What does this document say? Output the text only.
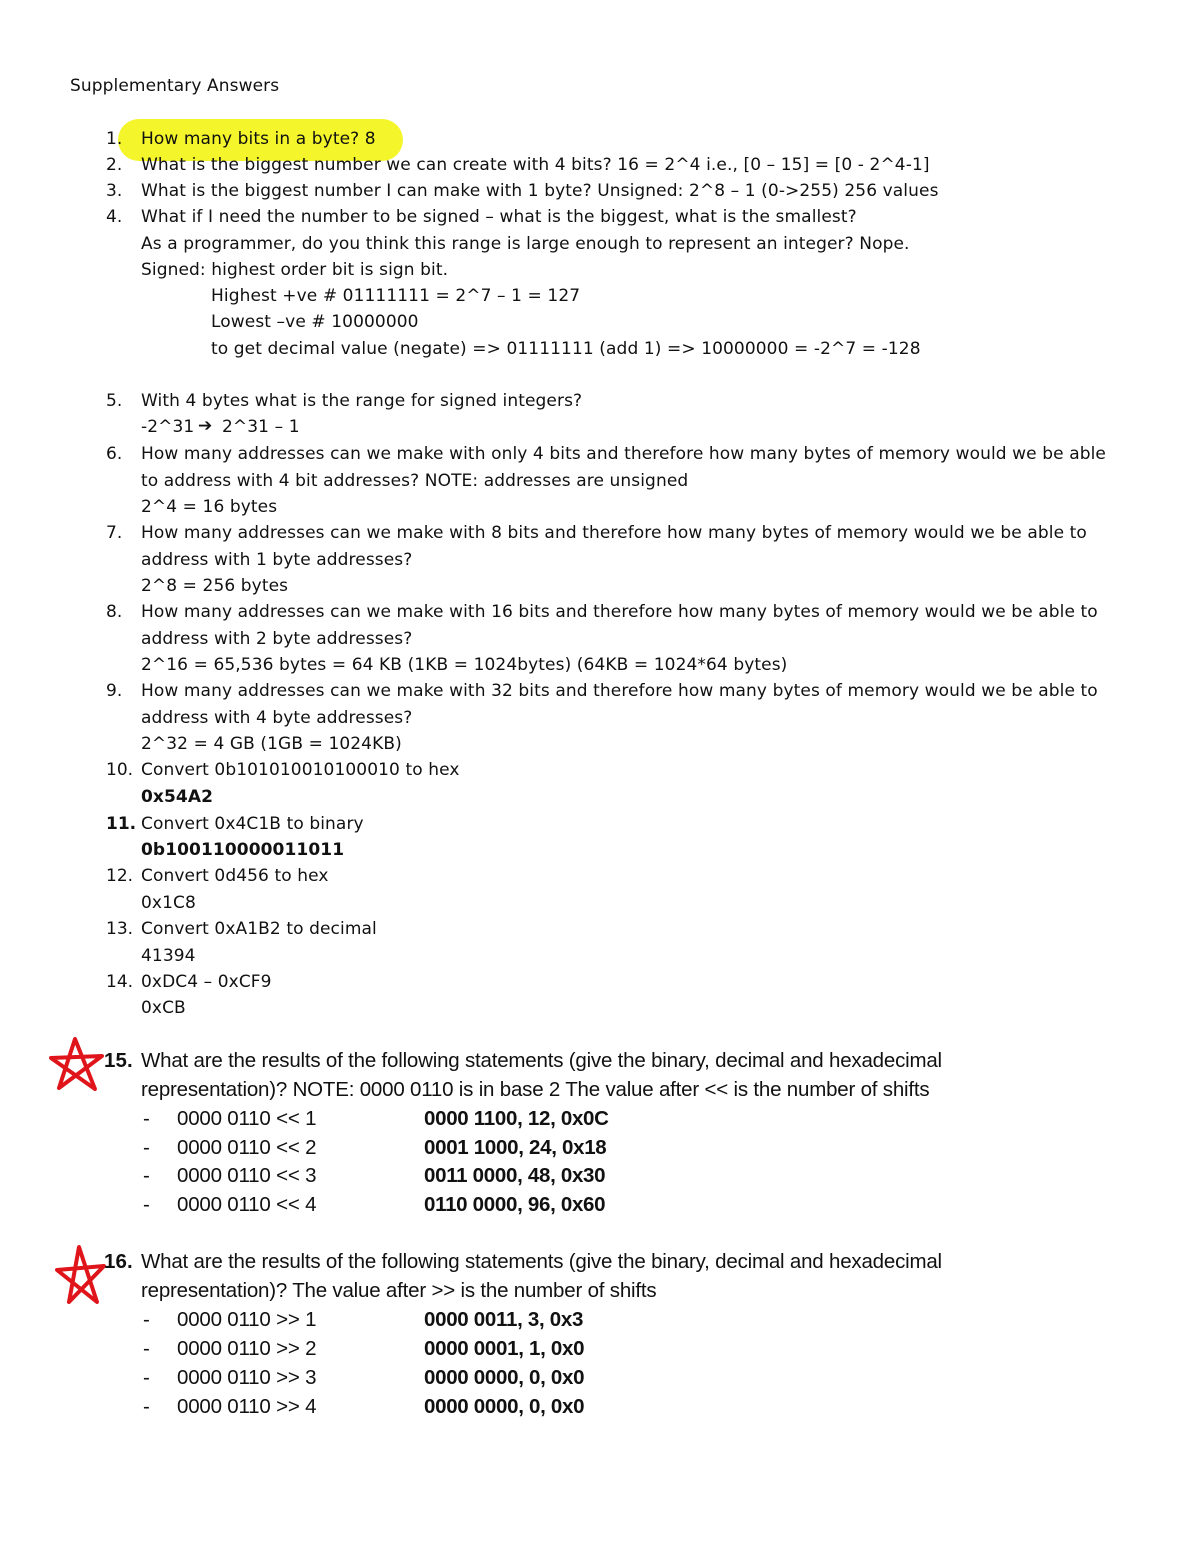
Supplementary Answers
1. How many bits in a byte? 8
2. What is the biggest number we can create with 4 bits? 16 = 2^4 i.e., [0 – 15] = [0 - 2^4-1]
3. What is the biggest number I can make with 1 byte? Unsigned: 2^8 – 1 (0->255) 256 values
4. What if I need the number to be signed – what is the biggest, what is the smallest?
As a programmer, do you think this range is large enough to represent an integer? Nope.
Signed: highest order bit is sign bit.
Highest +ve # 01111111 = 2^7 – 1 = 127
Lowest –ve # 10000000
to get decimal value (negate) => 01111111 (add 1) => 10000000 = -2^7 = -128
5. With 4 bytes what is the range for signed integers?
-2^31 ➔ 2^31 – 1
6. How many addresses can we make with only 4 bits and therefore how many bytes of memory would we be able
to address with 4 bit addresses? NOTE: addresses are unsigned
2^4 = 16 bytes
7. How many addresses can we make with 8 bits and therefore how many bytes of memory would we be able to
address with 1 byte addresses?
2^8 = 256 bytes
8. How many addresses can we make with 16 bits and therefore how many bytes of memory would we be able to
address with 2 byte addresses?
2^16 = 65,536 bytes = 64 KB (1KB = 1024bytes) (64KB = 1024*64 bytes)
9. How many addresses can we make with 32 bits and therefore how many bytes of memory would we be able to
address with 4 byte addresses?
2^32 = 4 GB (1GB = 1024KB)
10. Convert 0b101010010100010 to hex
0x54A2
11. Convert 0x4C1B to binary
0b100110000011011
12. Convert 0d456 to hex
0x1C8
13. Convert 0xA1B2 to decimal
41394
14. 0xDC4 – 0xCF9
0xCB
15. What are the results of the following statements (give the binary, decimal and hexadecimal
representation)? NOTE: 0000 0110 is in base 2 The value after << is the number of shifts
- 0000 0110 << 1	0000 1100, 12, 0x0C
- 0000 0110 << 2	0001 1000, 24, 0x18
- 0000 0110 << 3	0011 0000, 48, 0x30
- 0000 0110 << 4	0110 0000, 96, 0x60
16. What are the results of the following statements (give the binary, decimal and hexadecimal
representation)? The value after >> is the number of shifts
- 0000 0110 >> 1	0000 0011, 3, 0x3
- 0000 0110 >> 2	0000 0001, 1, 0x0
- 0000 0110 >> 3	0000 0000, 0, 0x0
- 0000 0110 >> 4	0000 0000, 0, 0x0
